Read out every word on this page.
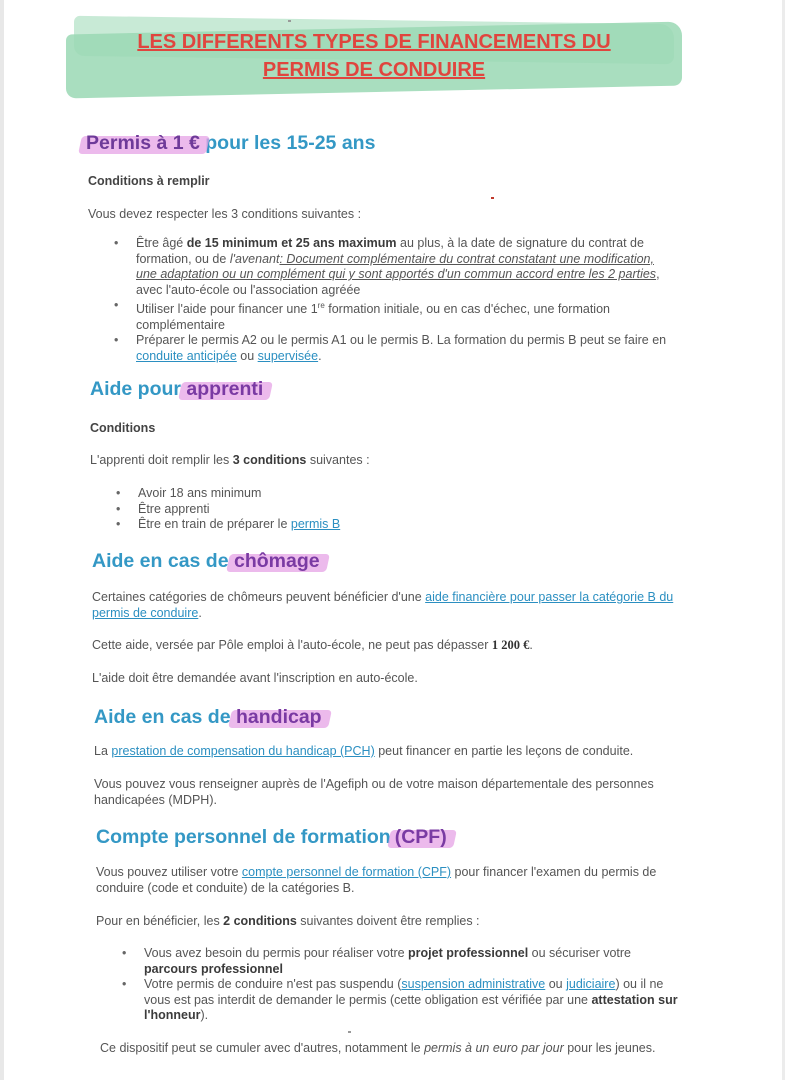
LES DIFFERENTS TYPES DE FINANCEMENTS DU
PERMIS DE CONDUIRE
Permis à 1 € pour les 15-25 ans
Conditions à remplir

Vous devez respecter les 3 conditions suivantes :

• Être âgé de 15 minimum et 25 ans maximum au plus, à la date de signature du contrat de formation, ou de l'avenant: Document complémentaire du contrat constatant une modification, une adaptation ou un complément qui y sont apportés d'un commun accord entre les 2 parties, avec l'auto-école ou l'association agréée
• Utiliser l'aide pour financer une 1re formation initiale, ou en cas d'échec, une formation complémentaire
• Préparer le permis A2 ou le permis A1 ou le permis B. La formation du permis B peut se faire en conduite anticipée ou supervisée.
Aide pour apprenti
Conditions

L'apprenti doit remplir les 3 conditions suivantes :

• Avoir 18 ans minimum
• Être apprenti
• Être en train de préparer le permis B
Aide en cas de chômage

Certaines catégories de chômeurs peuvent bénéficier d'une aide financière pour passer la catégorie B du permis de conduire.

Cette aide, versée par Pôle emploi à l'auto-école, ne peut pas dépasser 1 200 €.

L'aide doit être demandée avant l'inscription en auto-école.

Aide en cas de handicap

La prestation de compensation du handicap (PCH) peut financer en partie les leçons de conduite.

Vous pouvez vous renseigner auprès de l'Agefiph ou de votre maison départementale des personnes handicapées (MDPH).

Compte personnel de formation (CPF)

Vous pouvez utiliser votre compte personnel de formation (CPF) pour financer l'examen du permis de conduire (code et conduite) de la catégories B.

Pour en bénéficier, les 2 conditions suivantes doivent être remplies :

• Vous avez besoin du permis pour réaliser votre projet professionnel ou sécuriser votre parcours professionnel
• Votre permis de conduire n'est pas suspendu (suspension administrative ou judiciaire) ou il ne vous est pas interdit de demander le permis (cette obligation est vérifiée par une attestation sur l'honneur).

Ce dispositif peut se cumuler avec d'autres, notamment le permis à un euro par jour pour les jeunes.
